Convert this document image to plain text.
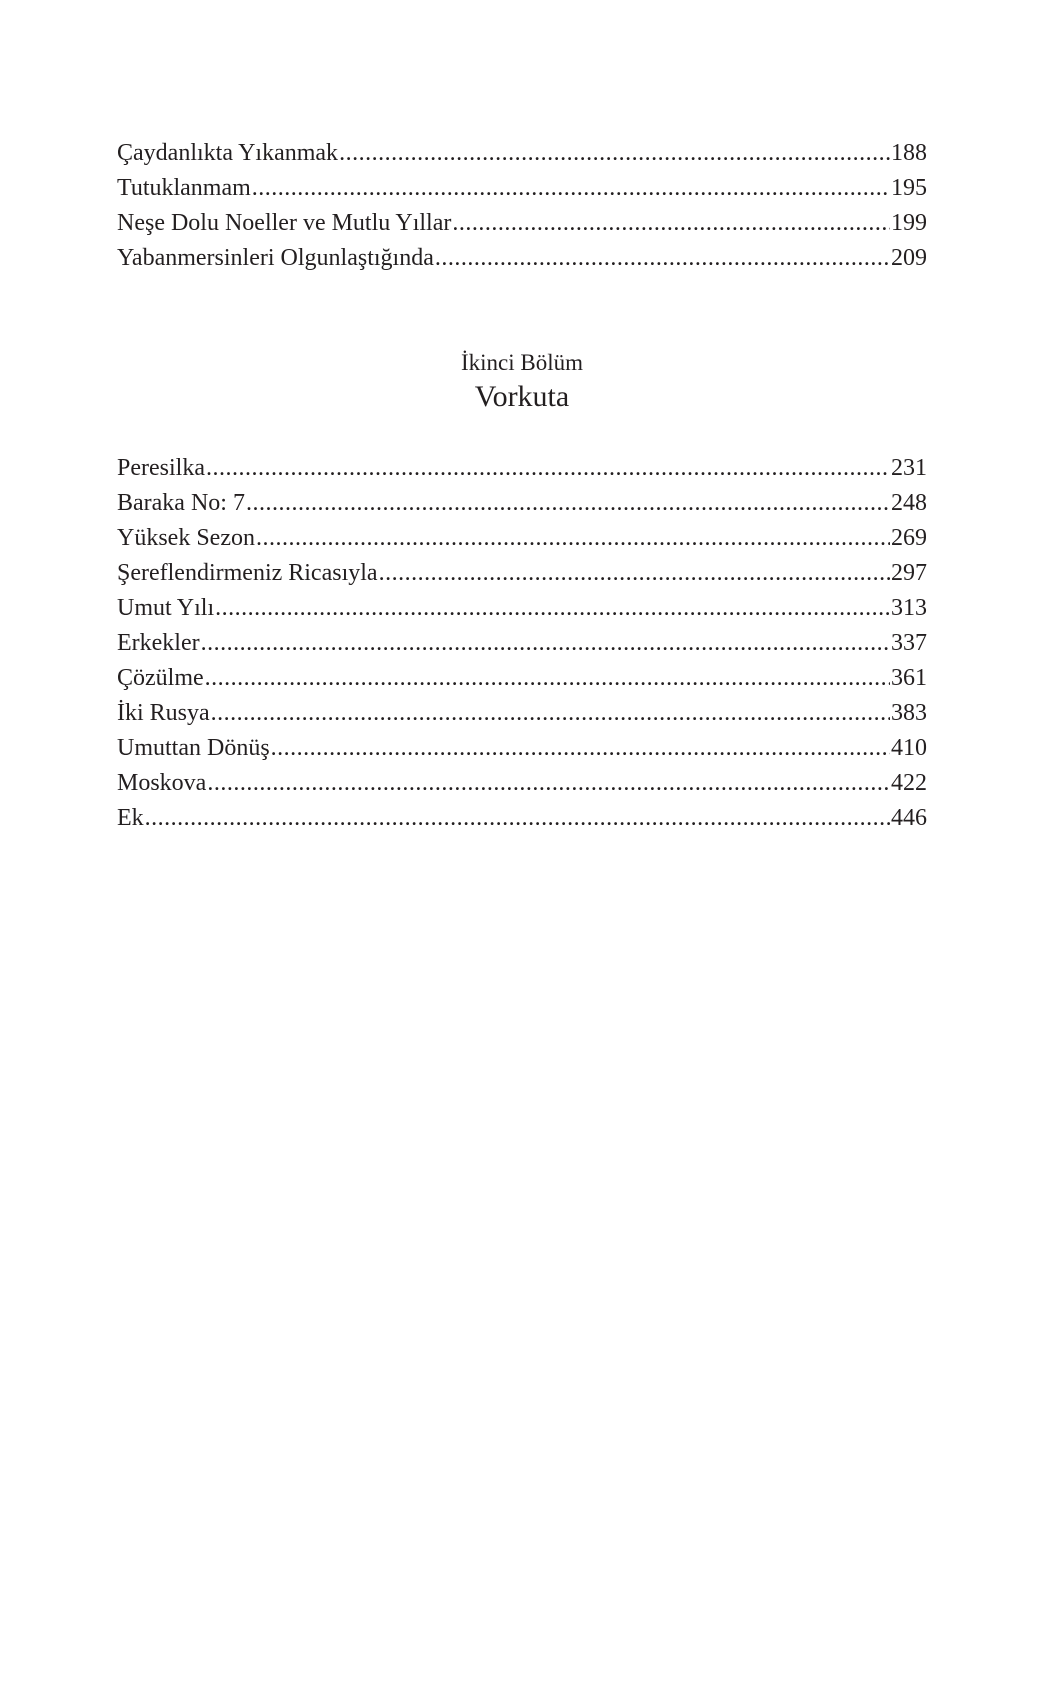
Çaydanlıkta Yıkanmak .....	188
Tutuklanmam .....	195
Neşe Dolu Noeller ve Mutlu Yıllar .....	199
Yabanmersinleri Olgunlaştığında .....	209
İkinci Bölüm
Vorkuta
Peresilka .....	231
Baraka No: 7 .....	248
Yüksek Sezon .....	269
Şereflendirmeniz Ricasıyla .....	297
Umut Yılı .....	313
Erkekler .....	337
Çözülme .....	361
İki Rusya .....	383
Umuttan Dönüş .....	410
Moskova .....	422
Ek .....	446
